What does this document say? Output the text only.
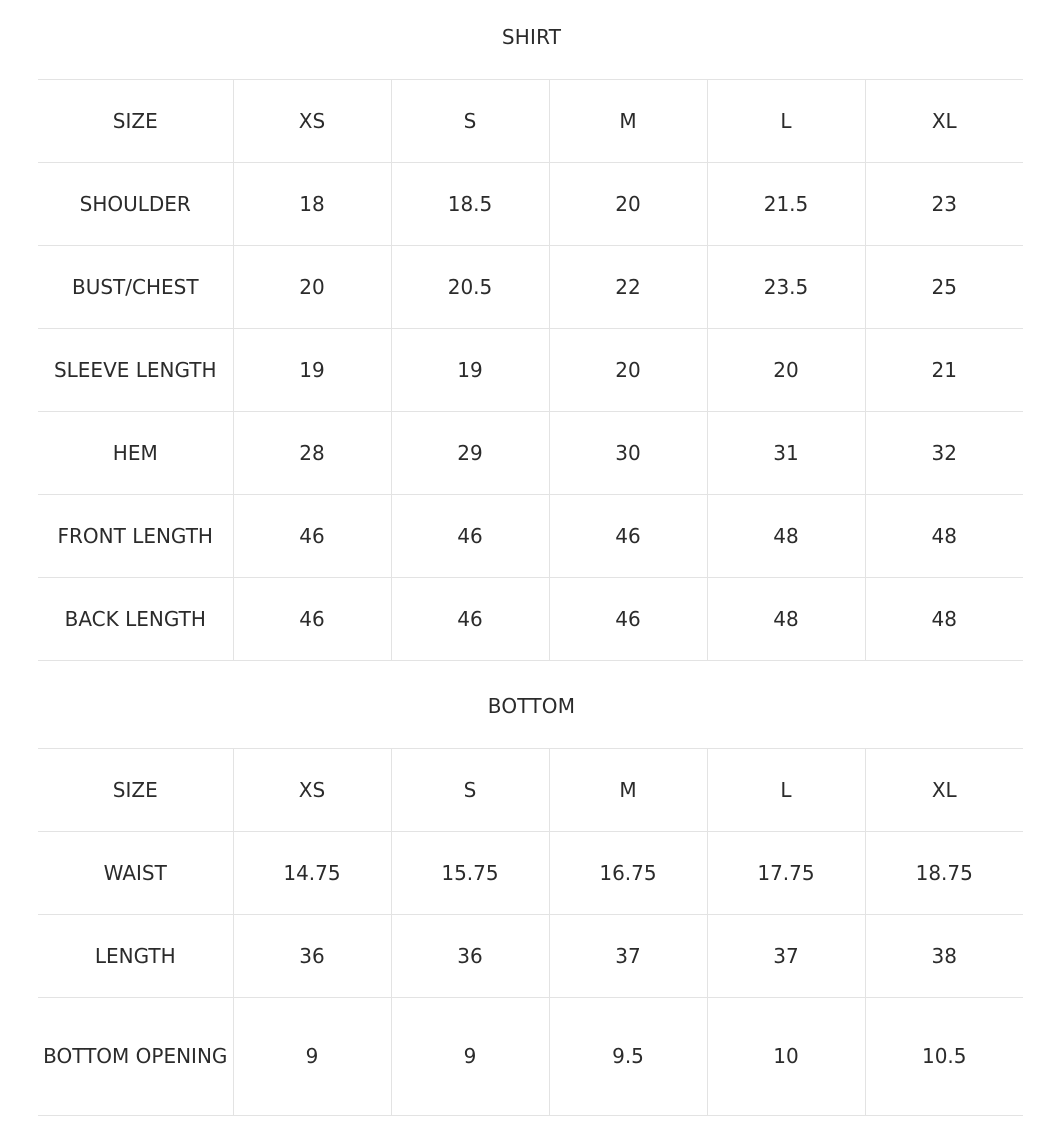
SHIRT
SIZE	XS	S	M	L	XL
SHOULDER	18	18.5	20	21.5	23
BUST/CHEST	20	20.5	22	23.5	25
SLEEVE LENGTH	19	19	20	20	21
HEM	28	29	30	31	32
FRONT LENGTH	46	46	46	48	48
BACK LENGTH	46	46	46	48	48
BOTTOM
SIZE	XS	S	M	L	XL
WAIST	14.75	15.75	16.75	17.75	18.75
LENGTH	36	36	37	37	38
BOTTOM OPENING	9	9	9.5	10	10.5
